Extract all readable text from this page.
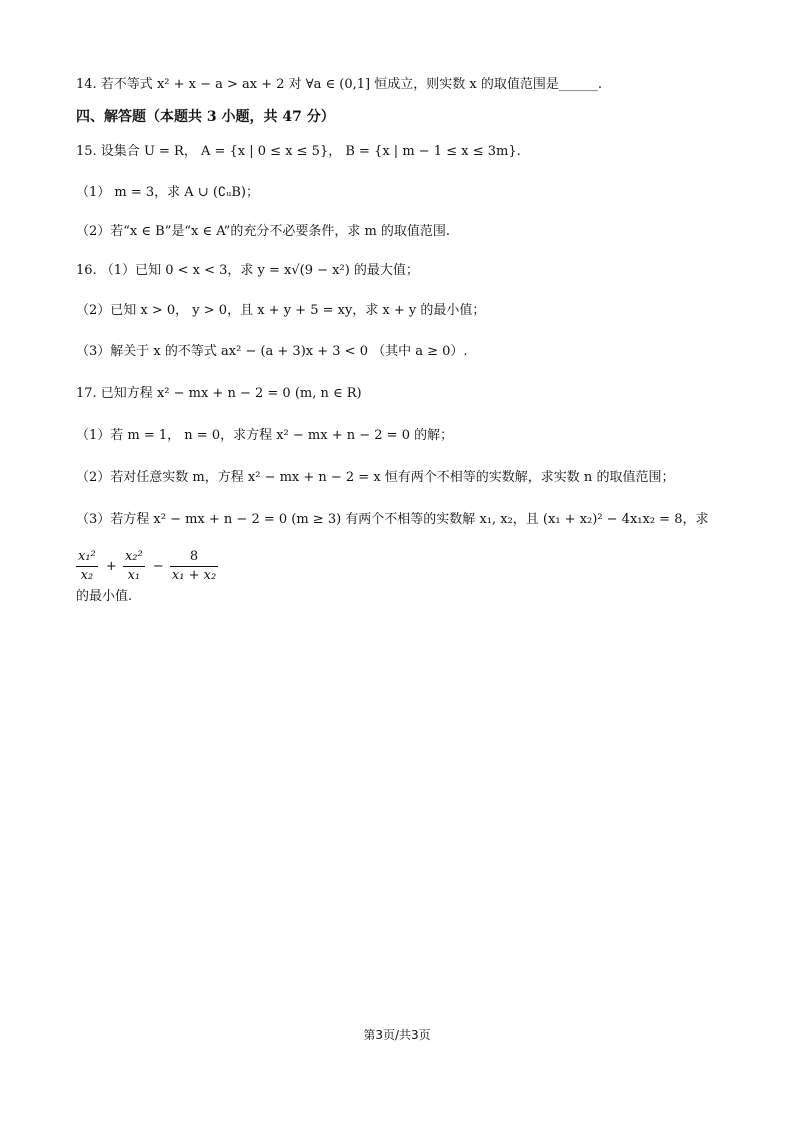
14. 若不等式 x² + x − a > ax + 2 对 ∀a ∈ (0,1] 恒成立，则实数 x 的取值范围是______.
四、解答题（本题共 3 小题，共 47 分）
15. 设集合 U = R， A = {x | 0 ≤ x ≤ 5}， B = {x | m − 1 ≤ x ≤ 3m}.
（1） m = 3，求 A ∪ (∁ᵤB)；
（2）若“x ∈ B”是“x ∈ A”的充分不必要条件，求 m 的取值范围.
16. （1）已知 0 < x < 3，求 y = x√(9 − x²) 的最大值；
（2）已知 x > 0， y > 0，且 x + y + 5 = xy，求 x + y 的最小值；
（3）解关于 x 的不等式 ax² − (a + 3)x + 3 < 0 （其中 a ≥ 0）.
17. 已知方程 x² − mx + n − 2 = 0 (m, n ∈ R)
（1）若 m = 1， n = 0，求方程 x² − mx + n − 2 = 0 的解；
（2）若对任意实数 m，方程 x² − mx + n − 2 = x 恒有两个不相等的实数解，求实数 n 的取值范围；
（3）若方程 x² − mx + n − 2 = 0 (m ≥ 3) 有两个不相等的实数解 x₁, x₂，且 (x₁ + x₂)² − 4x₁x₂ = 8，求
$\frac{\text{x₁²}}{\text{x₂}} + \frac{\text{x₂²}}{\text{x₁}} - \frac{8}{\text{x₁ + x₂}}$
的最小值.
第3页/共3页
